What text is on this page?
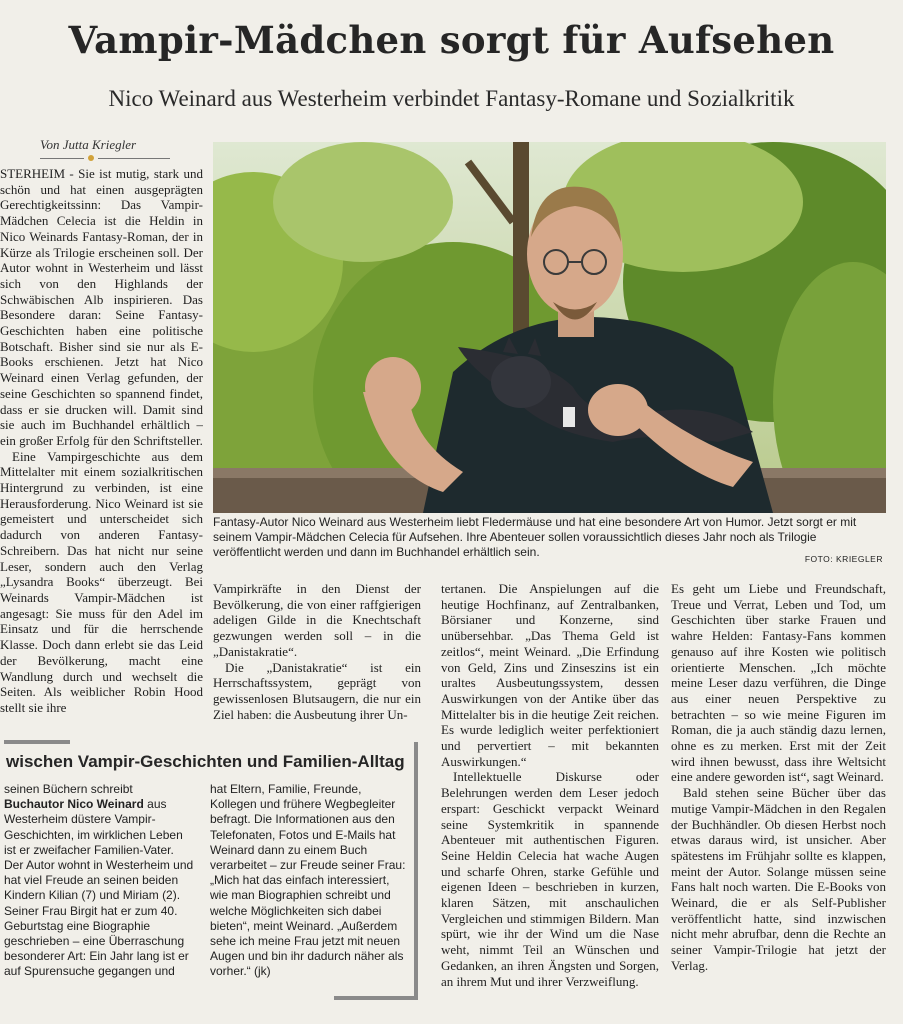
Vampir-Mädchen sorgt für Aufsehen
Nico Weinard aus Westerheim verbindet Fantasy-Romane und Sozialkritik
Von Jutta Kriegler

STERHEIM - Sie ist mutig, stark und schön und hat einen ausgeprägten Gerechtigkeitssinn: Das Vampir-Mädchen Celecia ist die Heldin in Nico Weinards Fantasy-Roman, der in Kürze als Trilogie erscheinen soll. Der Autor wohnt in Westerheim und lässt sich von den Highlands der Schwäbischen Alb inspirieren. Das Besondere daran: Seine Fantasy-Geschichten haben eine politische Botschaft. Bisher sind sie nur als E-Books erschienen. Jetzt hat Nico Weinard einen Verlag gefunden, der seine Geschichten so spannend findet, dass er sie drucken will. Damit sind sie auch im Buchhandel erhältlich – ein großer Erfolg für den Schriftsteller.

Eine Vampirgeschichte aus dem Mittelalter mit einem sozialkritischen Hintergrund zu verbinden, ist eine Herausforderung. Nico Weinard ist sie gemeistert und unterscheidet sich dadurch von anderen Fantasy-Schreibern. Das hat nicht nur seine Leser, sondern auch den Verlag „Lysandra Books“ überzeugt. Bei Weinards Vampir-Mädchen ist angesagt: Sie muss für den Adel im Einsatz und für die herrschende Klasse. Doch dann erlebt sie das Leid der Bevölkerung, macht eine Wandlung durch und wechselt die Seiten. Als weiblicher Robin Hood stellt sie ihre

Fantasy-Autor Nico Weinard aus Westerheim liebt Fledermäuse und hat eine besondere Art von Humor. Jetzt sorgt er mit seinem Vampir-Mädchen Celecia für Aufsehen. Ihre Abenteuer sollen voraussichtlich dieses Jahr noch als Trilogie veröffentlicht werden und dann im Buchhandel erhältlich sein.	FOTO: KRIEGLER

Vampirkräfte in den Dienst der Bevölkerung, die von einer raffgierigen adeligen Gilde in die Knechtschaft gezwungen werden soll – in die „Danistakratie“.

Die „Danistakratie“ ist ein Herrschaftssystem, geprägt von gewissenlosen Blutsaugern, die nur ein Ziel haben: die Ausbeutung ihrer Un-

tertanen. Die Anspielungen auf die heutige Hochfinanz, auf Zentralbanken, Börsianer und Konzerne, sind unübersehbar. „Das Thema Geld ist zeitlos“, meint Weinard. „Die Erfindung von Geld, Zins und Zinseszins ist ein uraltes Ausbeutungssystem, dessen Auswirkungen von der Antike über das Mittelalter bis in die heutige Zeit reichen. Es wurde lediglich weiter perfektioniert und pervertiert – mit bekannten Auswirkungen.“

Intellektuelle Diskurse oder Belehrungen werden dem Leser jedoch erspart: Geschickt verpackt Weinard seine Systemkritik in spannende Abenteuer mit authentischen Figuren. Seine Heldin Celecia hat wache Augen und scharfe Ohren, starke Gefühle und eigenen Ideen – beschrieben in kurzen, klaren Sätzen, mit anschaulichen Vergleichen und stimmigen Bildern. Man spürt, wie ihr der Wind um die Nase weht, nimmt Teil an Wünschen und Gedanken, an ihren Ängsten und Sorgen, an ihrem Mut und ihrer Verzweiflung.

Es geht um Liebe und Freundschaft, Treue und Verrat, Leben und Tod, um Geschichten über starke Frauen und wahre Helden: Fantasy-Fans kommen genauso auf ihre Kosten wie politisch orientierte Menschen. „Ich möchte meine Leser dazu verführen, die Dinge aus einer neuen Perspektive zu betrachten – so wie meine Figuren im Roman, die ja auch ständig dazu lernen, ohne es zu merken. Erst mit der Zeit wird ihnen bewusst, dass ihre Weltsicht eine andere geworden ist“, sagt Weinard.

Bald stehen seine Bücher über das mutige Vampir-Mädchen in den Regalen der Buchhändler. Ob diesen Herbst noch etwas daraus wird, ist unsicher. Aber spätestens im Frühjahr sollte es klappen, meint der Autor. Solange müssen seine Fans halt noch warten. Die E-Books von Weinard, die er als Self-Publisher veröffentlicht hatte, sind inzwischen nicht mehr abrufbar, denn die Rechte an seiner Vampir-Trilogie hat jetzt der Verlag.

wischen Vampir-Geschichten und Familien-Alltag
seinen Büchern schreibt Buchautor Nico Weinard aus Westerheim düstere Vampir-Geschichten, im wirklichen Leben ist er zweifacher Familien-Vater. Der Autor wohnt in Westerheim und hat viel Freude an seinen beiden Kindern Kilian (7) und Miriam (2). Seiner Frau Birgit hat er zum 40. Geburtstag eine Biographie geschrieben – eine Überraschung besonderer Art: Ein Jahr lang ist er auf Spurensuche gegangen und
hat Eltern, Familie, Freunde, Kollegen und frühere Wegbegleiter befragt. Die Informationen aus den Telefonaten, Fotos und E-Mails hat Weinard dann zu einem Buch verarbeitet – zur Freude seiner Frau: „Mich hat das einfach interessiert, wie man Biographien schreibt und welche Möglichkeiten sich dabei bieten“, meint Weinard. „Außerdem sehe ich meine Frau jetzt mit neuen Augen und bin ihr dadurch näher als vorher.“ (jk)
